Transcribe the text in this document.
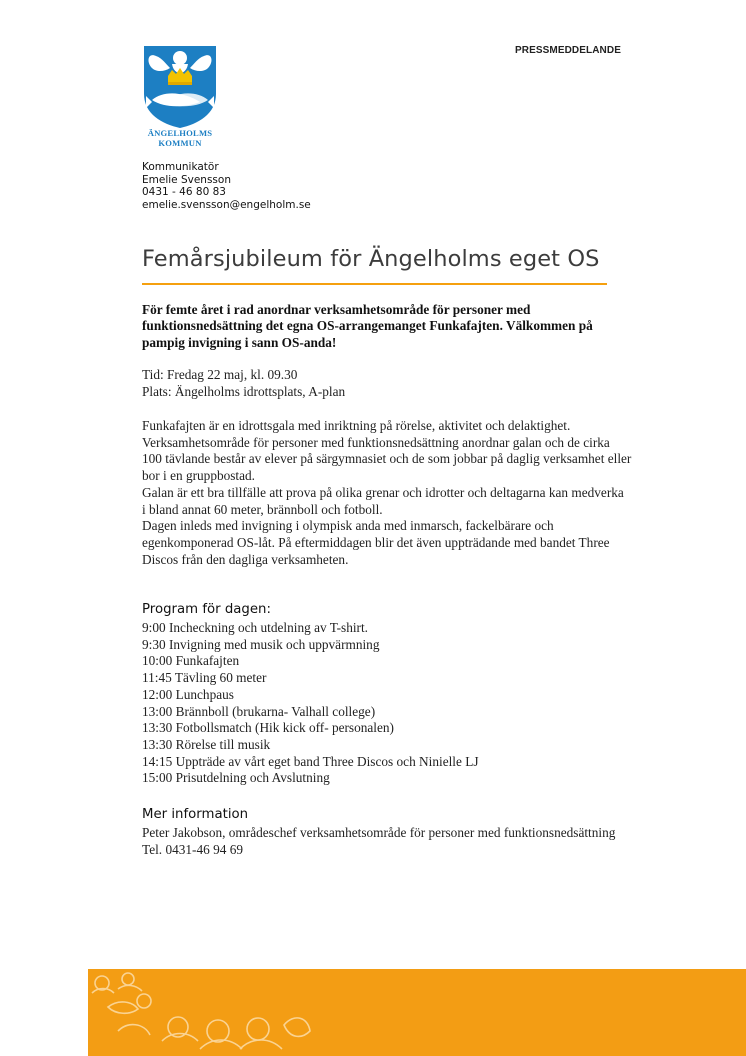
ÄNGELHOLMS
KOMMUN
PRESSMEDDELANDE
Kommunikatör
Emelie Svensson
0431 - 46 80 83
emelie.svensson@engelholm.se
Femårsjubileum för Ängelholms eget OS
För femte året i rad anordnar verksamhetsområde för personer med
funktionsnedsättning det egna OS-arrangemanget Funkafajten. Välkommen på
pampig invigning i sann OS-anda!
Tid: Fredag 22 maj, kl. 09.30
Plats: Ängelholms idrottsplats, A-plan
Funkafajten är en idrottsgala med inriktning på rörelse, aktivitet och delaktighet.
Verksamhetsområde för personer med funktionsnedsättning anordnar galan och de cirka
100 tävlande består av elever på särgymnasiet och de som jobbar på daglig verksamhet eller
bor i en gruppbostad.
Galan är ett bra tillfälle att prova på olika grenar och idrotter och deltagarna kan medverka
i bland annat 60 meter, brännboll och fotboll.
Dagen inleds med invigning i olympisk anda med inmarsch, fackelbärare och
egenkomponerad OS-låt. På eftermiddagen blir det även uppträdande med bandet Three
Discos från den dagliga verksamheten.
Program för dagen:
9:00 Incheckning och utdelning av T-shirt.
9:30 Invigning med musik och uppvärmning
10:00 Funkafajten
11:45 Tävling 60 meter
12:00 Lunchpaus
13:00 Brännboll (brukarna- Valhall college)
13:30 Fotbollsmatch (Hik kick off- personalen)
13:30 Rörelse till musik
14:15 Uppträde av vårt eget band Three Discos och Ninielle LJ
15:00 Prisutdelning och Avslutning
Mer information
Peter Jakobson, områdeschef verksamhetsområde för personer med funktionsnedsättning
Tel. 0431-46 94 69
